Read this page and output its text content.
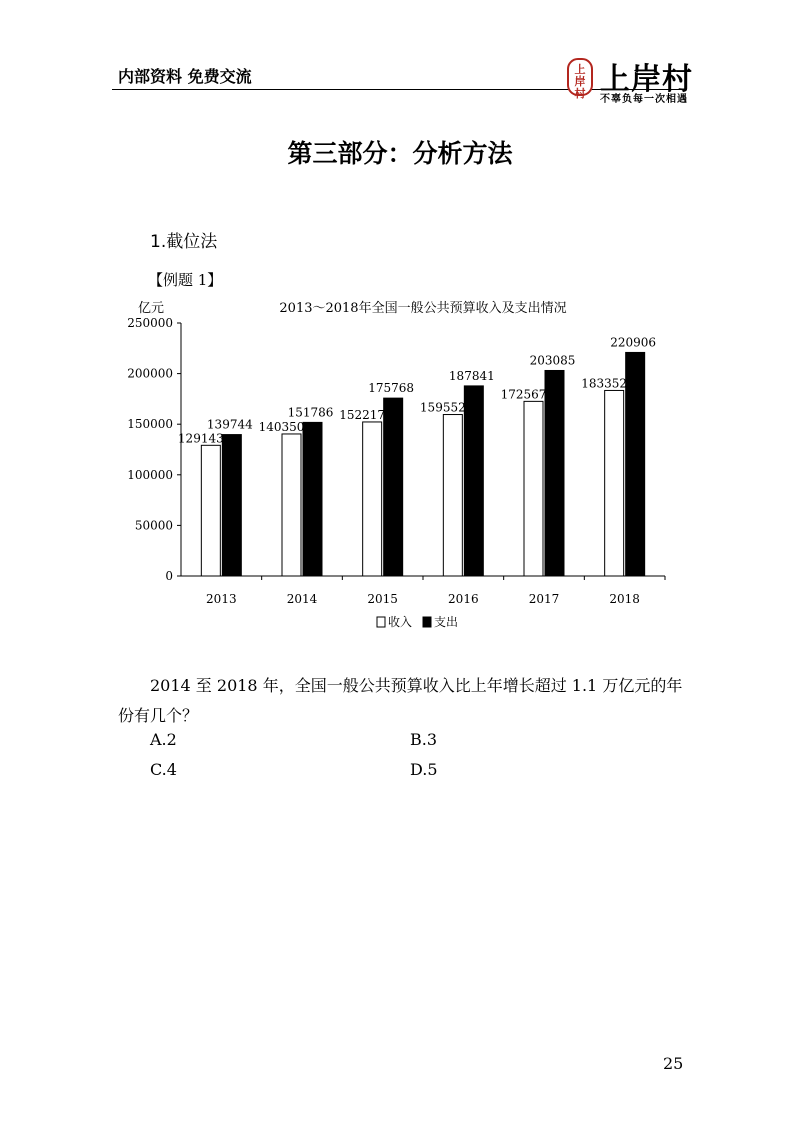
内部资料 免费交流	上
岸
村 上岸村
不辜负每一次相遇
第三部分：分析方法
1.截位法
【例题 1】
2013～2018年全国一般公共预算收入及支出情况
亿元
0
50000
100000
150000
200000
250000
2013
129143
139744
2014
140350
151786
2015
152217
175768
2016
159552
187841
2017
172567
203085
2018
183352
220906
收入 支出
2014 至 2018 年，全国一般公共预算收入比上年增长超过 1.1 万亿元的年份有几个？
A.2	B.3
C.4	D.5
25
